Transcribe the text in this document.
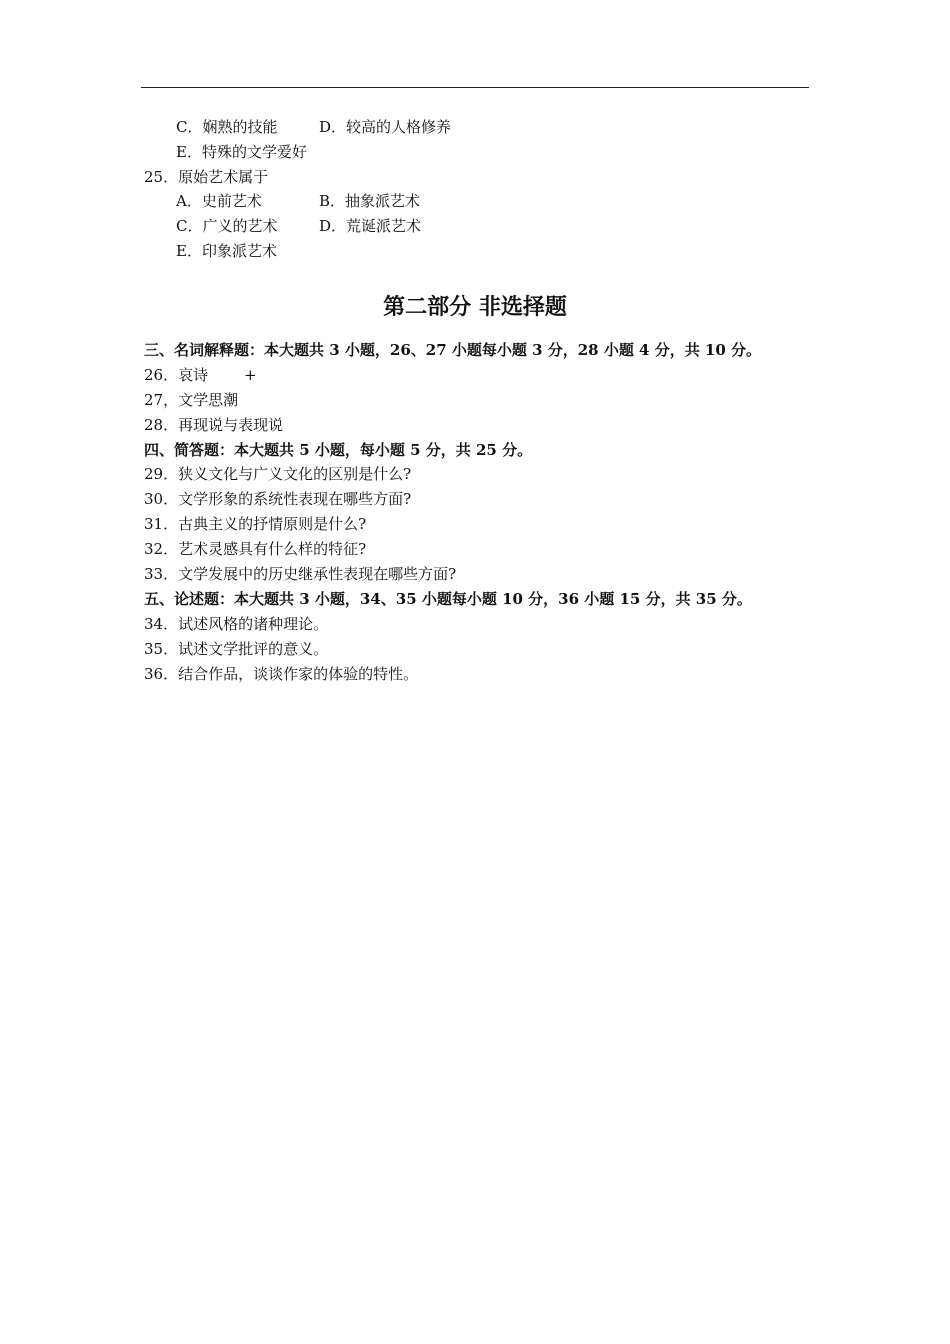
C．娴熟的技能	D．较高的人格修养
E．特殊的文学爱好
25．原始艺术属于
A．史前艺术	B．抽象派艺术
C．广义的艺术	D．荒诞派艺术
E．印象派艺术
第二部分 非选择题
三、名词解释题：本大题共 3 小题，26、27 小题每小题 3 分，28 小题 4 分，共 10 分。
26．哀诗 +
27，文学思潮
28．再现说与表现说
四、简答题：本大题共 5 小题，每小题 5 分，共 25 分。
29．狭义文化与广义文化的区别是什么?
30．文学形象的系统性表现在哪些方面?
31．古典主义的抒情原则是什么?
32．艺术灵感具有什么样的特征?
33．文学发展中的历史继承性表现在哪些方面?
五、论述题：本大题共 3 小题，34、35 小题每小题 10 分，36 小题 15 分，共 35 分。
34．试述风格的诸种理论。
35．试述文学批评的意义。
36．结合作品，谈谈作家的体验的特性。
